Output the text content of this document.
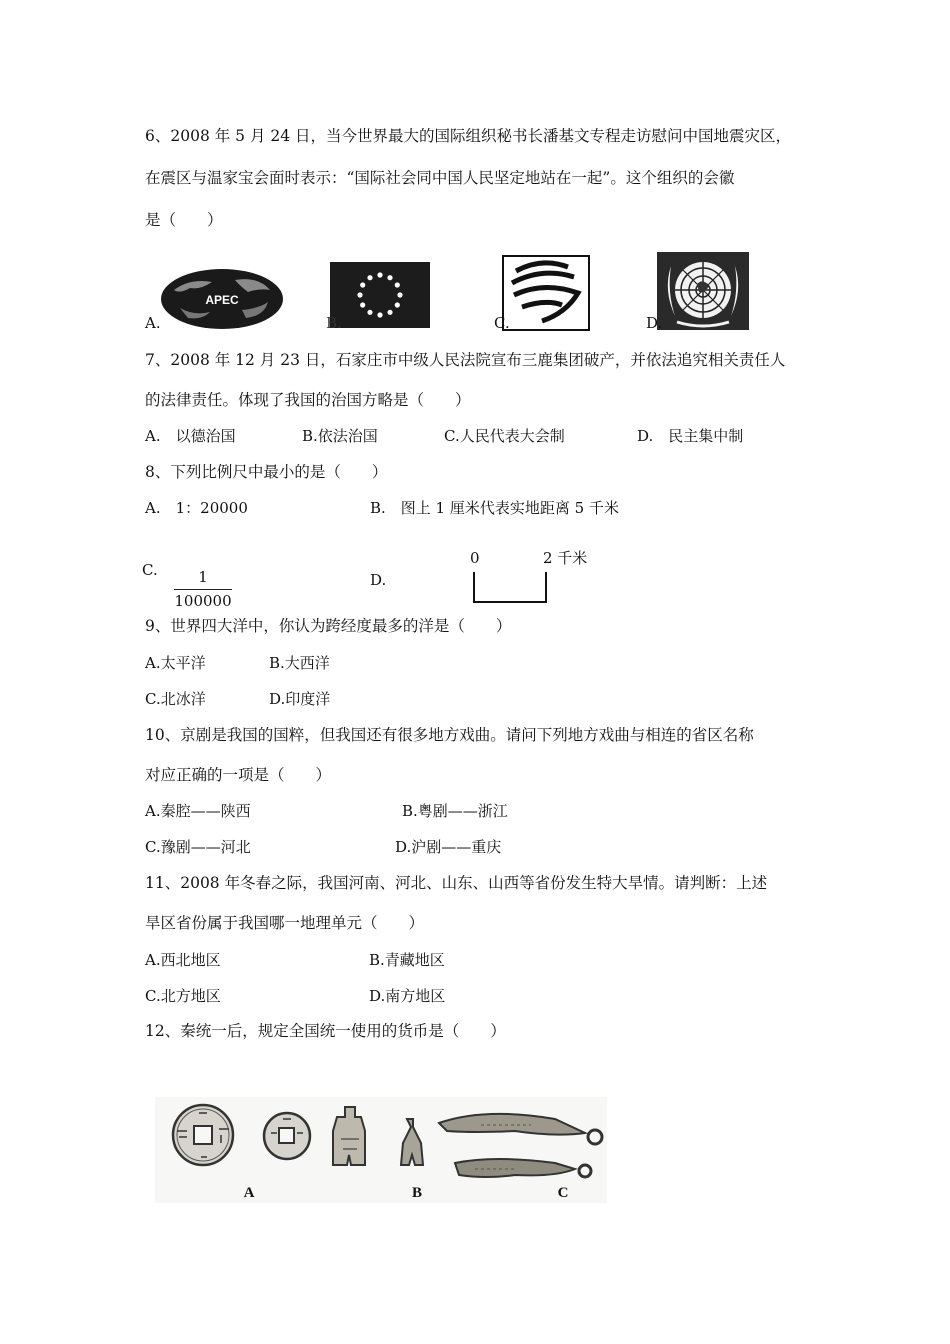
6、2008 年 5 月 24 日，当今世界最大的国际组织秘书长潘基文专程走访慰问中国地震灾区，
在震区与温家宝会面时表示：“国际社会同中国人民坚定地站在一起”。这个组织的会徽
是（　　）
APEC
A.	B.	C.	D.
7、2008 年 12 月 23 日，石家庄市中级人民法院宣布三鹿集团破产，并依法追究相关责任人
的法律责任。体现了我国的治国方略是（　　）
A.　以德治国	B.依法治国	C.人民代表大会制	D.　民主集中制
8、下列比例尺中最小的是（　　）
A.　1：20000	B.　图上 1 厘米代表实地距离 5 千米
C.	1
100000
D.
0	2 千米
9、世界四大洋中，你认为跨经度最多的洋是（　　）
A.太平洋	B.大西洋
C.北冰洋	D.印度洋
10、京剧是我国的国粹，但我国还有很多地方戏曲。请问下列地方戏曲与相连的省区名称
对应正确的一项是（　　）
A.秦腔——陕西	B.粤剧——浙江
C.豫剧——河北	D.沪剧——重庆
11、2008 年冬春之际，我国河南、河北、山东、山西等省份发生特大旱情。请判断：上述
旱区省份属于我国哪一地理单元（　　）
A.西北地区	B.青藏地区
C.北方地区	D.南方地区
12、秦统一后，规定全国统一使用的货币是（　　）
A	B	C
